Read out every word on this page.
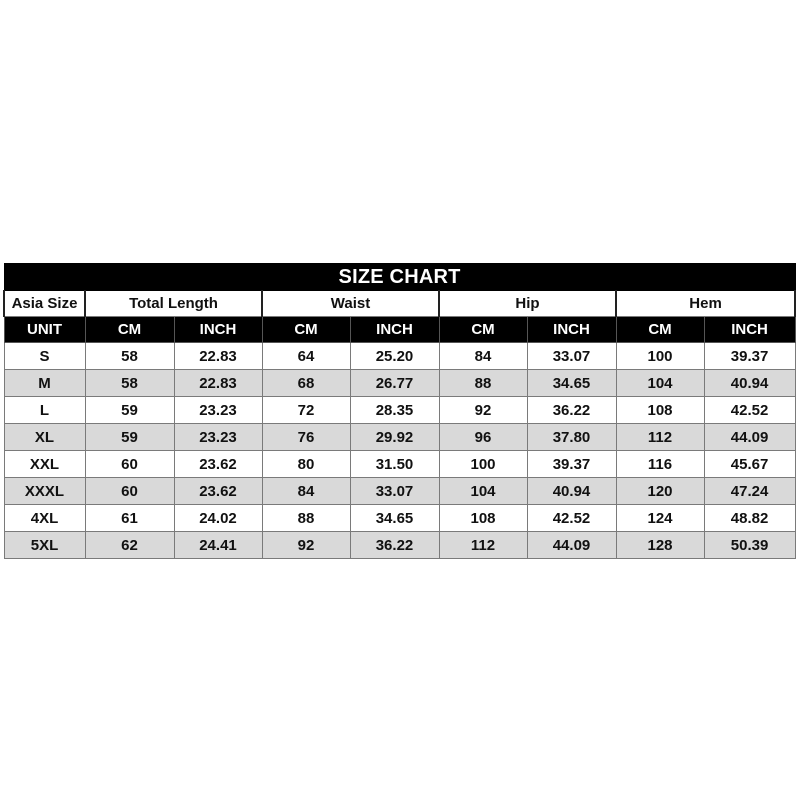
SIZE CHART								
Asia Size	Total Length		Waist		Hip		Hem	
UNIT	CM	INCH	CM	INCH	CM	INCH	CM	INCH
S	58	22.83	64	25.20	84	33.07	100	39.37
M	58	22.83	68	26.77	88	34.65	104	40.94
L	59	23.23	72	28.35	92	36.22	108	42.52
XL	59	23.23	76	29.92	96	37.80	112	44.09
XXL	60	23.62	80	31.50	100	39.37	116	45.67
XXXL	60	23.62	84	33.07	104	40.94	120	47.24
4XL	61	24.02	88	34.65	108	42.52	124	48.82
5XL	62	24.41	92	36.22	112	44.09	128	50.39
